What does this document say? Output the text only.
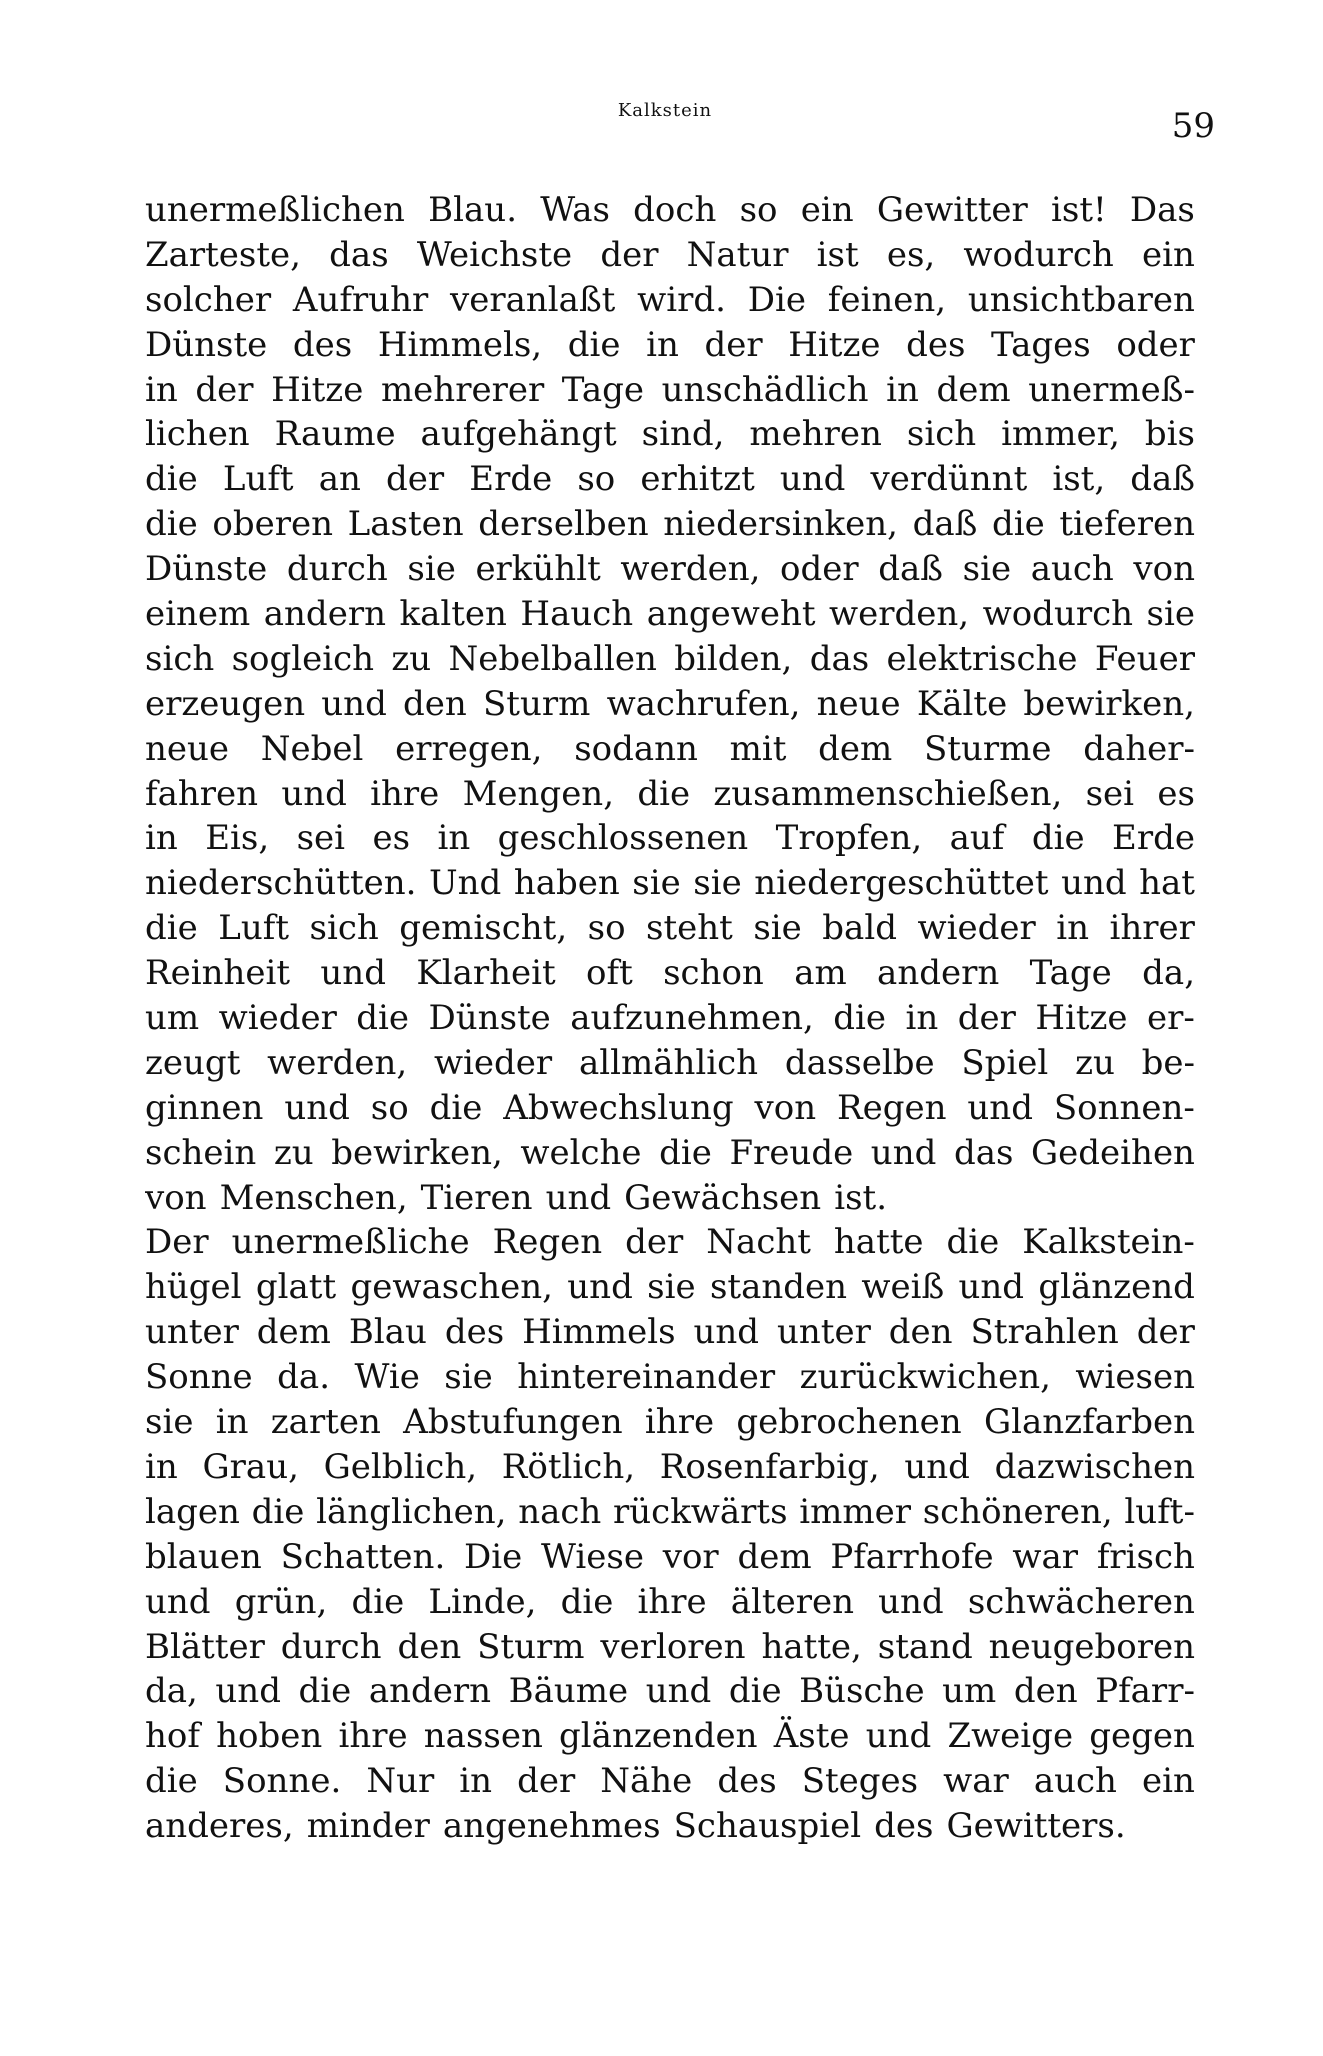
Kalkstein	59
unermeßlichen Blau. Was doch so ein Gewitter ist! Das
Zarteste, das Weichste der Natur ist es, wodurch ein
solcher Aufruhr veranlaßt wird. Die feinen, unsichtbaren
Dünste des Himmels, die in der Hitze des Tages oder
in der Hitze mehrerer Tage unschädlich in dem unermeß-
lichen Raume aufgehängt sind, mehren sich immer, bis
die Luft an der Erde so erhitzt und verdünnt ist, daß
die oberen Lasten derselben niedersinken, daß die tieferen
Dünste durch sie erkühlt werden, oder daß sie auch von
einem andern kalten Hauch angeweht werden, wodurch sie
sich sogleich zu Nebelballen bilden, das elektrische Feuer
erzeugen und den Sturm wachrufen, neue Kälte bewirken,
neue Nebel erregen, sodann mit dem Sturme daher-
fahren und ihre Mengen, die zusammenschießen, sei es
in Eis, sei es in geschlossenen Tropfen, auf die Erde
niederschütten. Und haben sie sie niedergeschüttet und hat
die Luft sich gemischt, so steht sie bald wieder in ihrer
Reinheit und Klarheit oft schon am andern Tage da,
um wieder die Dünste aufzunehmen, die in der Hitze er-
zeugt werden, wieder allmählich dasselbe Spiel zu be-
ginnen und so die Abwechslung von Regen und Sonnen-
schein zu bewirken, welche die Freude und das Gedeihen
von Menschen, Tieren und Gewächsen ist.
Der unermeßliche Regen der Nacht hatte die Kalkstein-
hügel glatt gewaschen, und sie standen weiß und glänzend
unter dem Blau des Himmels und unter den Strahlen der
Sonne da. Wie sie hintereinander zurückwichen, wiesen
sie in zarten Abstufungen ihre gebrochenen Glanzfarben
in Grau, Gelblich, Rötlich, Rosenfarbig, und dazwischen
lagen die länglichen, nach rückwärts immer schöneren, luft-
blauen Schatten. Die Wiese vor dem Pfarrhofe war frisch
und grün, die Linde, die ihre älteren und schwächeren
Blätter durch den Sturm verloren hatte, stand neugeboren
da, und die andern Bäume und die Büsche um den Pfarr-
hof hoben ihre nassen glänzenden Äste und Zweige gegen
die Sonne. Nur in der Nähe des Steges war auch ein
anderes, minder angenehmes Schauspiel des Gewitters.
